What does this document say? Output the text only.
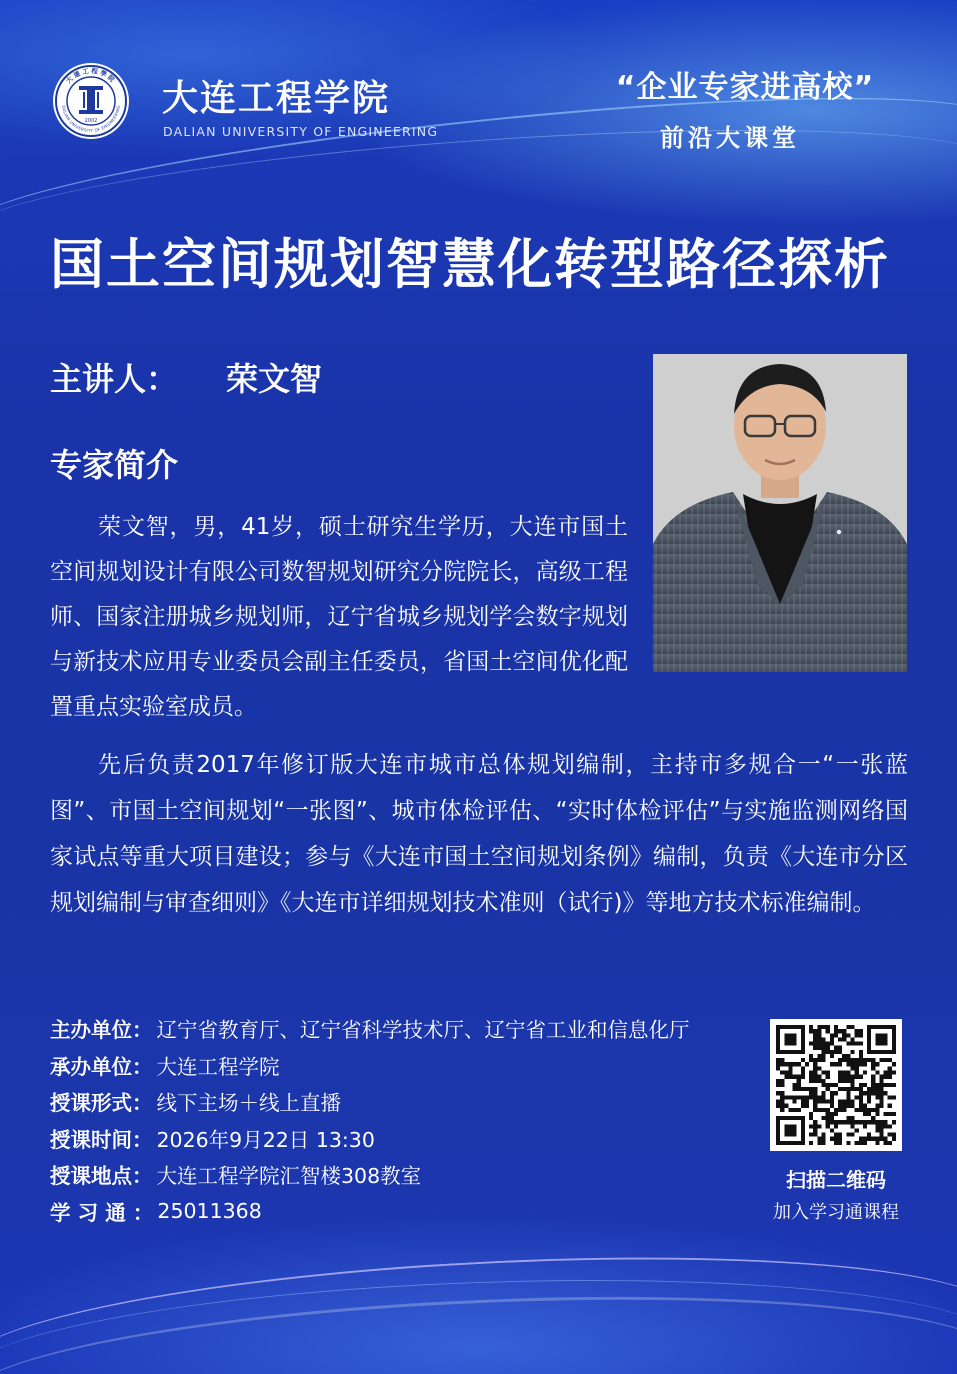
大連工程學院
DALIAN UNIVERSITY OF ENGINEERING
2002
大连工程学院
DALIAN UNIVERSITY OF ENGINEERING
“企业专家进高校”
前沿大课堂
国土空间规划智慧化转型路径探析
主讲人： 荣文智
专家简介

荣文智，男，41岁，硕士研究生学历，大连市国土空间规划设计有限公司数智规划研究分院院长，高级工程师、国家注册城乡规划师，辽宁省城乡规划学会数字规划与新技术应用专业委员会副主任委员，省国土空间优化配置重点实验室成员。

先后负责2017年修订版大连市城市总体规划编制，主持市多规合一“一张蓝图”、市国土空间规划“一张图”、城市体检评估、“实时体检评估”与实施监测网络国家试点等重大项目建设；参与《大连市国土空间规划条例》编制，负责《大连市分区规划编制与审查细则》《大连市详细规划技术准则（试行)》等地方技术标准编制。

主办单位： 辽宁省教育厅、辽宁省科学技术厅、辽宁省工业和信息化厅
承办单位： 大连工程学院
授课形式： 线下主场＋线上直播
授课时间： 2026年9月22日 13:30
授课地点： 大连工程学院汇智楼308教室
学 习 通 ： 25011368
扫描二维码
加入学习通课程
